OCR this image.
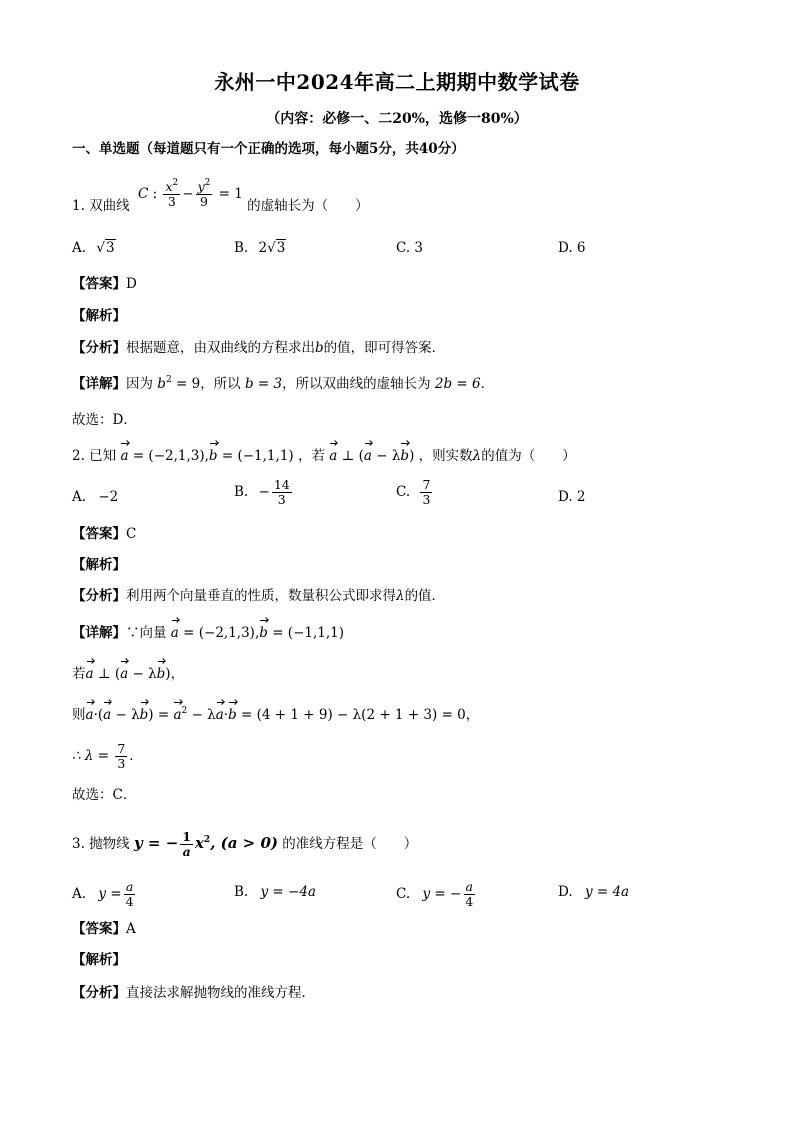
永州一中2024年高二上期期中数学试卷
（内容：必修一、二20%，选修一80%）
一、单选题（每道题只有一个正确的选项，每小题5分，共40分）
1. 双曲线 C : $\frac{x^2}{3} - \frac{y^2}{9} = 1$ 的虚轴长为（　　）
A. √3	B. 2√3	C. 3	D. 6
【答案】D
【解析】
【分析】根据题意，由双曲线的方程求出b的值，即可得答案．
【详解】因为 $b^2 = 9$，所以 b = 3，所以双曲线的虚轴长为 2b = 6．
故选：D．
2. 已知 a = (−2,1,3),b = (−1,1,1) ，若 a ⊥ (a − λb) ，则实数λ的值为（　　）
A. −2	B. − $\frac{14}{3}$	C. $\frac{7}{3}$	D. 2
【答案】C
【解析】
【分析】利用两个向量垂直的性质，数量积公式即求得λ的值．
【详解】∵向量 a = (−2,1,3),b = (−1,1,1)
若a ⊥ (a − λb)，
则$a\cdot(a - \lambda b) = a^2 - \lambda a\cdot b = (4 + 1 + 9) - \lambda(2 + 1 + 3) = 0$，
∴ $\lambda = \frac{7}{3}$ ．
故选：C．
3. 抛物线 y = − $\frac{1}{a} x^2$, (a > 0) 的准线方程是（　　）
A. $y = \frac{a}{4}$	B. y = −4a	C. y = − $\frac{a}{4}$	D. y = 4a
【答案】A
【解析】
【分析】直接法求解抛物线的准线方程．
